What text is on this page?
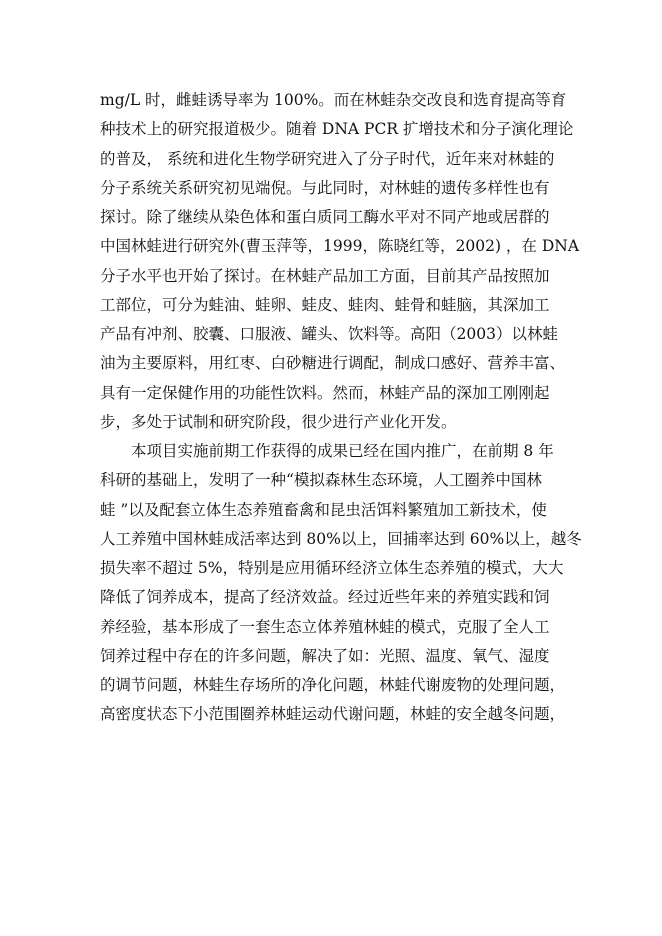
mg/L 时，雌蛙诱导率为 100%。而在林蛙杂交改良和选育提高等育
种技术上的研究报道极少。随着 DNA PCR 扩增技术和分子演化理论
的普及， 系统和进化生物学研究进入了分子时代，近年来对林蛙的
分子系统关系研究初见端倪。与此同时，对林蛙的遗传多样性也有
探讨。除了继续从染色体和蛋白质同工酶水平对不同产地或居群的
中国林蛙进行研究外(曹玉萍等，1999，陈晓红等，2002) ，在 DNA
分子水平也开始了探讨。在林蛙产品加工方面，目前其产品按照加
工部位，可分为蛙油、蛙卵、蛙皮、蛙肉、蛙骨和蛙脑，其深加工
产品有冲剂、胶囊、口服液、罐头、饮料等。高阳（2003）以林蛙
油为主要原料，用红枣、白砂糖进行调配，制成口感好、营养丰富、
具有一定保健作用的功能性饮料。然而，林蛙产品的深加工刚刚起
步，多处于试制和研究阶段，很少进行产业化开发。
本项目实施前期工作获得的成果已经在国内推广，在前期 8 年
科研的基础上，发明了一种“模拟森林生态环境，人工圈养中国林
蛙 ”以及配套立体生态养殖畜禽和昆虫活饵料繁殖加工新技术，使
人工养殖中国林蛙成活率达到 80%以上，回捕率达到 60%以上，越冬
损失率不超过 5%，特别是应用循环经济立体生态养殖的模式，大大
降低了饲养成本，提高了经济效益。经过近些年来的养殖实践和饲
养经验，基本形成了一套生态立体养殖林蛙的模式，克服了全人工
饲养过程中存在的许多问题，解决了如：光照、温度、氧气、湿度
的调节问题，林蛙生存场所的净化问题，林蛙代谢废物的处理问题，
高密度状态下小范围圈养林蛙运动代谢问题，林蛙的安全越冬问题，
